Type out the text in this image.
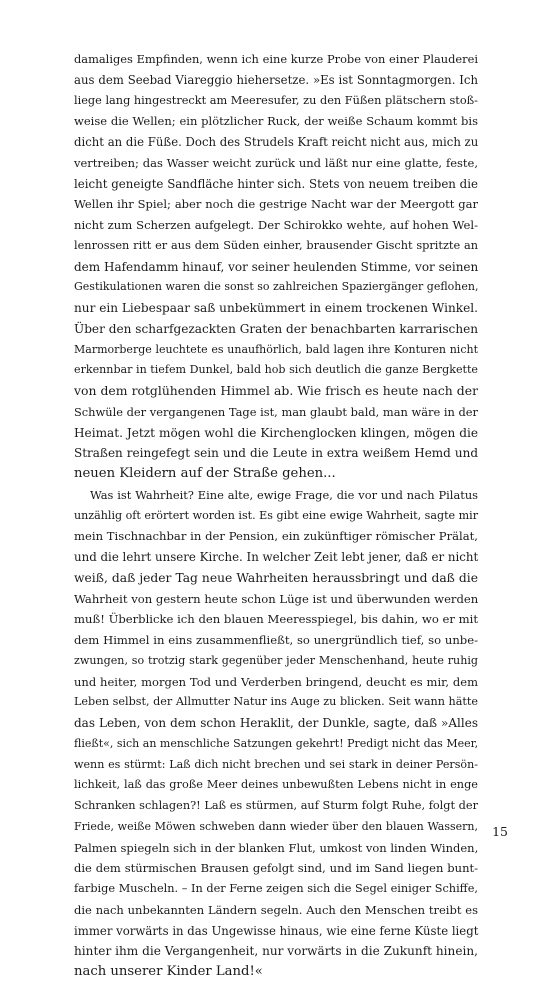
damaliges Empfinden, wenn ich eine kurze Probe von einer Plauderei
aus dem Seebad Viareggio hiehersetze. »Es ist Sonntagmorgen. Ich
liege lang hingestreckt am Meeresufer, zu den Füßen plätschern stoß-
weise die Wellen; ein plötzlicher Ruck, der weiße Schaum kommt bis
dicht an die Füße. Doch des Strudels Kraft reicht nicht aus, mich zu
vertreiben; das Wasser weicht zurück und läßt nur eine glatte, feste,
leicht geneigte Sandfläche hinter sich. Stets von neuem treiben die
Wellen ihr Spiel; aber noch die gestrige Nacht war der Meergott gar
nicht zum Scherzen aufgelegt. Der Schirokko wehte, auf hohen Wel-
lenrossen ritt er aus dem Süden einher, brausender Gischt spritzte an
dem Hafendamm hinauf, vor seiner heulenden Stimme, vor seinen
Gestikulationen waren die sonst so zahlreichen Spaziergänger geflohen,
nur ein Liebespaar saß unbekümmert in einem trockenen Winkel.
Über den scharfgezackten Graten der benachbarten karrarischen
Marmorberge leuchtete es unaufhörlich, bald lagen ihre Konturen nicht
erkennbar in tiefem Dunkel, bald hob sich deutlich die ganze Bergkette
von dem rotglühenden Himmel ab. Wie frisch es heute nach der
Schwüle der vergangenen Tage ist, man glaubt bald, man wäre in der
Heimat. Jetzt mögen wohl die Kirchenglocken klingen, mögen die
Straßen reingefegt sein und die Leute in extra weißem Hemd und
neuen Kleidern auf der Straße gehen...
Was ist Wahrheit? Eine alte, ewige Frage, die vor und nach Pilatus
unzählig oft erörtert worden ist. Es gibt eine ewige Wahrheit, sagte mir
mein Tischnachbar in der Pension, ein zukünftiger römischer Prälat,
und die lehrt unsere Kirche. In welcher Zeit lebt jener, daß er nicht
weiß, daß jeder Tag neue Wahrheiten heraussbringt und daß die
Wahrheit von gestern heute schon Lüge ist und überwunden werden
muß! Überblicke ich den blauen Meeresspiegel, bis dahin, wo er mit
dem Himmel in eins zusammenfließt, so unergründlich tief, so unbe-
zwungen, so trotzig stark gegenüber jeder Menschenhand, heute ruhig
und heiter, morgen Tod und Verderben bringend, deucht es mir, dem
Leben selbst, der Allmutter Natur ins Auge zu blicken. Seit wann hätte
das Leben, von dem schon Heraklit, der Dunkle, sagte, daß »Alles
fließt«, sich an menschliche Satzungen gekehrt! Predigt nicht das Meer,
wenn es stürmt: Laß dich nicht brechen und sei stark in deiner Persön-
lichkeit, laß das große Meer deines unbewußten Lebens nicht in enge
Schranken schlagen?! Laß es stürmen, auf Sturm folgt Ruhe, folgt der
Friede, weiße Möwen schweben dann wieder über den blauen Wassern,
Palmen spiegeln sich in der blanken Flut, umkost von linden Winden,
die dem stürmischen Brausen gefolgt sind, und im Sand liegen bunt-
farbige Muscheln. – In der Ferne zeigen sich die Segel einiger Schiffe,
die nach unbekannten Ländern segeln. Auch den Menschen treibt es
immer vorwärts in das Ungewisse hinaus, wie eine ferne Küste liegt
hinter ihm die Vergangenheit, nur vorwärts in die Zukunft hinein,
nach unserer Kinder Land!«
15
